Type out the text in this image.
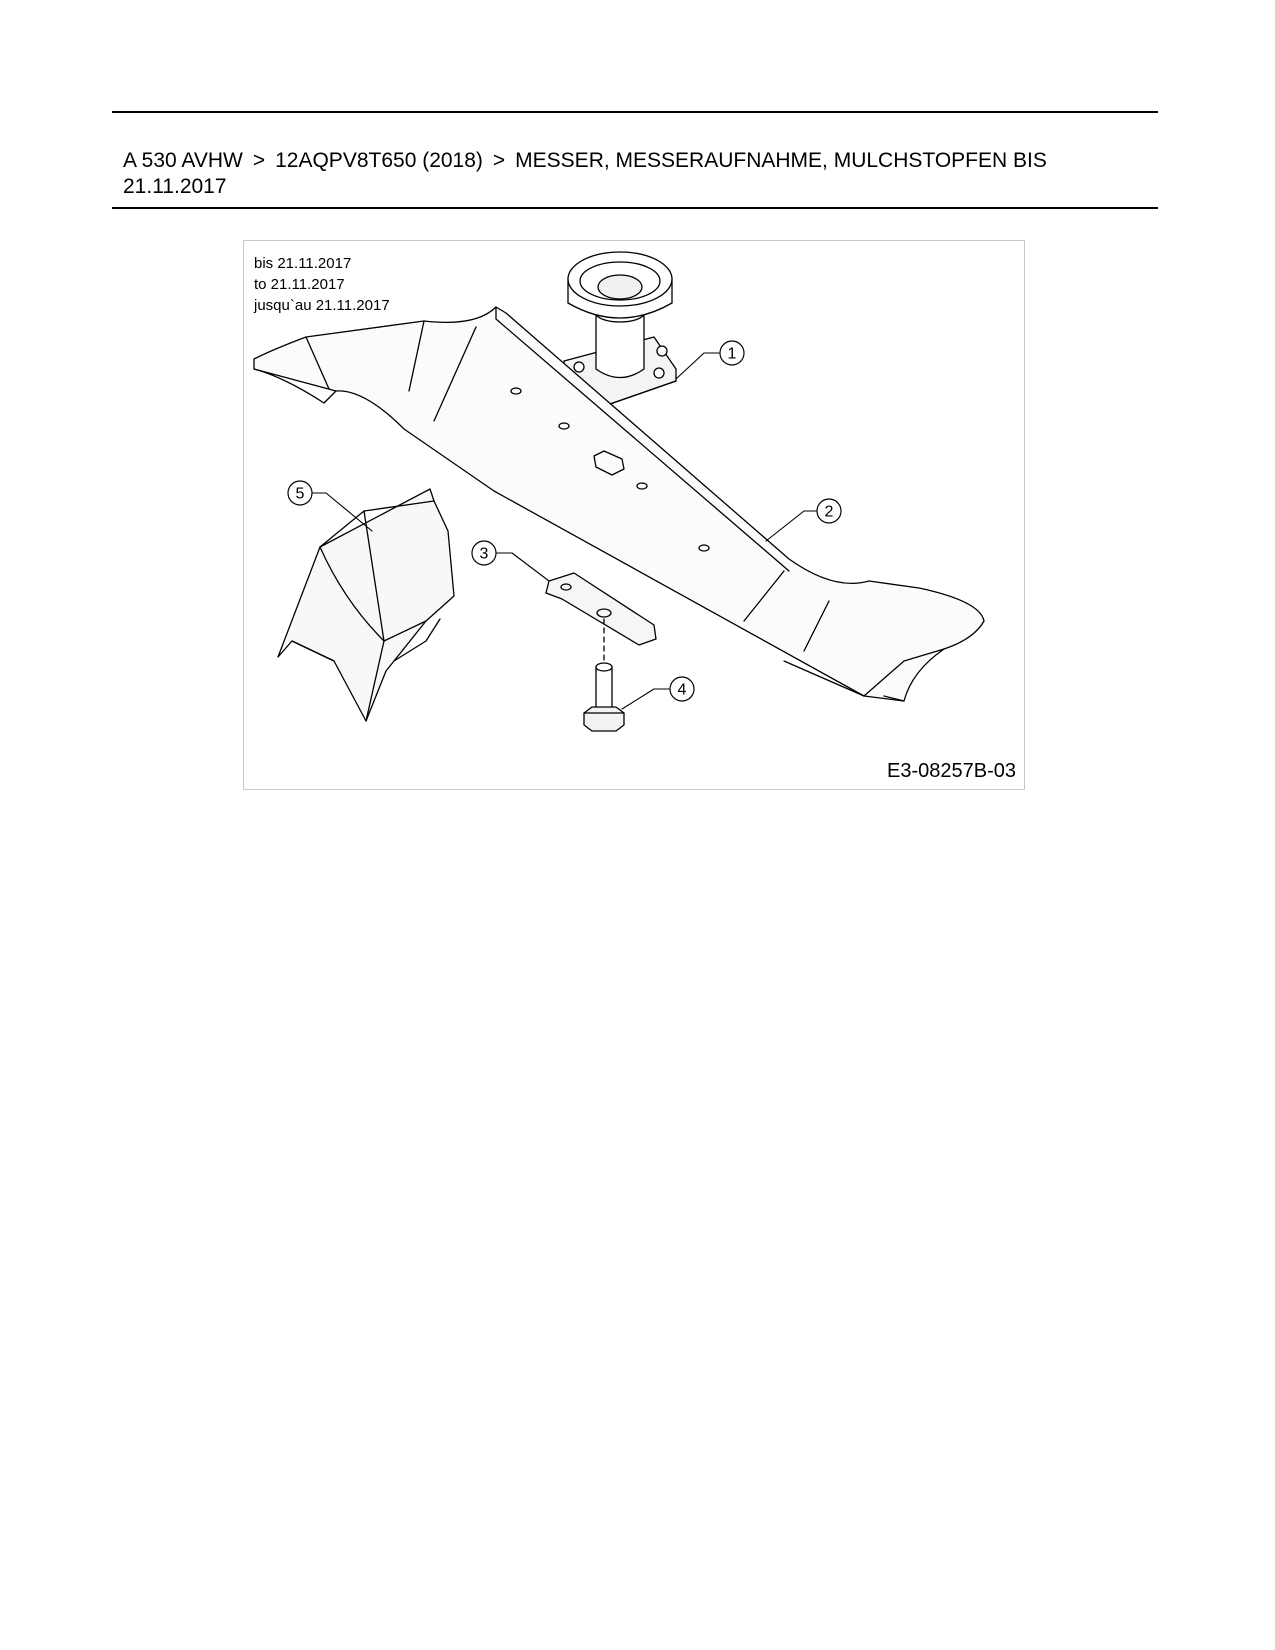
A 530 AVHW > 12AQPV8T650 (2018) > MESSER, MESSERAUFNAHME, MULCHSTOPFEN BIS 21.11.2017
bis 21.11.2017
to 21.11.2017
jusqu`au 21.11.2017
1
2
3
4
5
E3-08257B-03
